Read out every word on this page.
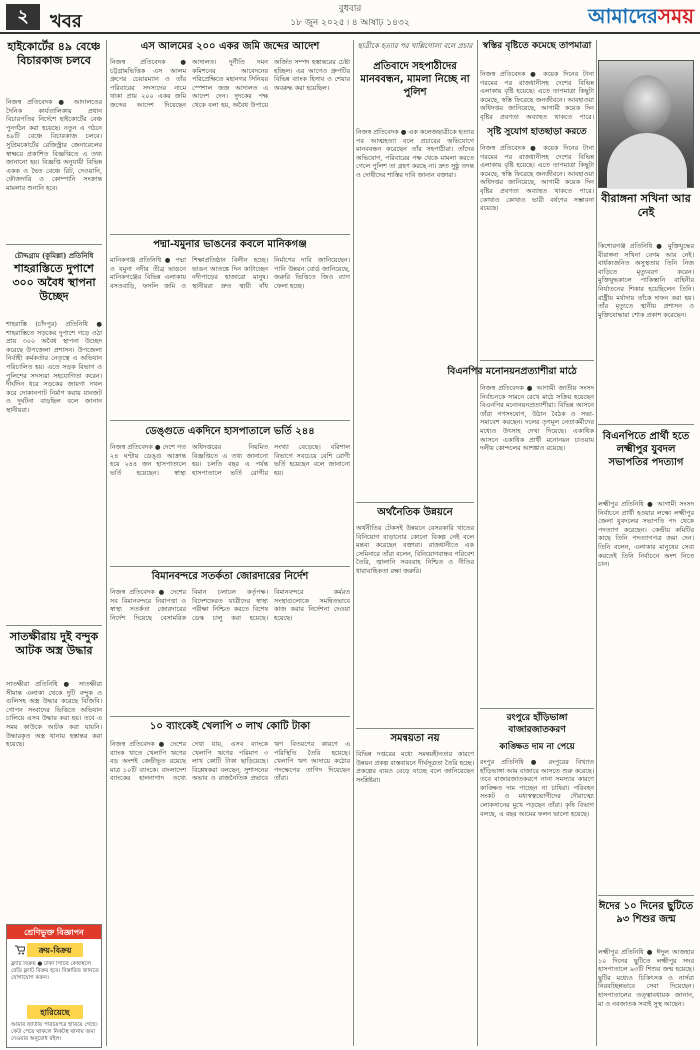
২	খবর
বুধবার
১৮ জুন ২০২৫ ৷ ৪ আষাঢ় ১৪৩২	আমাদেরসময়
হাইকোর্টের ৪৯ বেঞ্চে বিচারকাজ চলবে
নিজস্ব প্রতিবেদক ● আদালতের দৈনিক কার্যতালিকায় প্রধান বিচারপতির নির্দেশে হাইকোর্টের বেঞ্চ পুনর্গঠন করা হয়েছে। নতুন এ গঠনে ৪৯টি বেঞ্চে বিচারকাজ চলবে। সুপ্রিমকোর্টের রেজিস্ট্রার জেনারেলের স্বাক্ষরে প্রকাশিত বিজ্ঞপ্তিতে এ তথ্য জানানো হয়। বিজ্ঞপ্তি অনুযায়ী বিভিন্ন একক ও দ্বৈত বেঞ্চে রিট, দেওয়ানি, ফৌজদারি ও কোম্পানি সংক্রান্ত মামলার শুনানি হবে।
চৌদ্দগ্রাম (কুমিল্লা) প্রতিনিধি
শাহরাস্তিতে দুপাশে ৩০০ অবৈধ স্থাপনা উচ্ছেদ
শাহরাস্তি (চাঁদপুর) প্রতিনিধি ● শাহরাস্তিতে সড়কের দুপাশে গড়ে ওঠা প্রায় ৩০০ অবৈধ স্থাপনা উচ্ছেদ করেছে উপজেলা প্রশাসন। উপজেলা নির্বাহী কর্মকর্তার নেতৃত্বে এ অভিযান পরিচালিত হয়। এতে সড়ক বিভাগ ও পুলিশের সদস্যরা সহযোগিতা করেন। দীর্ঘদিন ধরে সড়কের জায়গা দখল করে দোকানপাট নির্মাণ করায় যানজট ও দুর্ঘটনা বাড়ছিল বলে জানান স্থানীয়রা।
সাতক্ষীরায় দুই বন্দুক আটক অস্ত্র উদ্ধার
সাতক্ষীরা প্রতিনিধি ● সাতক্ষীরা সীমান্ত এলাকা থেকে দুটি বন্দুক ও গুলিসহ অস্ত্র উদ্ধার করেছে বিজিবি। গোপন সংবাদের ভিত্তিতে অভিযান চালিয়ে এসব উদ্ধার করা হয়। তবে এ সময় কাউকে আটক করা যায়নি। উদ্ধারকৃত অস্ত্র থানায় হস্তান্তর করা হয়েছে।
শ্রেণিভুক্ত বিজ্ঞাপন
ক্রয়-বিক্রয়
ফ্ল্যাট বিক্রয় ● ঢাকা সিটির কেন্দ্রস্থলে রেডি ফ্ল্যাট বিক্রয় হবে। বিস্তারিত জানতে যোগাযোগ করুন।
হারিয়েছে
আমার জাতীয় পরিচয়পত্র হারিয়ে গেছে। কেউ পেয়ে থাকলে নিকটস্থ থানায় জমা দেওয়ার অনুরোধ রইল।
এস আলমের ২০০ একর জমি জব্দের আদেশ
নিজস্ব প্রতিবেদক ● চট্টগ্রামভিত্তিক এস আলম গ্রুপের চেয়ারম্যান ও তাঁর পরিবারের সদস্যদের নামে থাকা প্রায় ২০০ একর জমি জব্দের আদেশ দিয়েছেন আদালত। দুর্নীতি দমন কমিশনের আবেদনের পরিপ্রেক্ষিতে মহানগর সিনিয়র স্পেশাল জজ আদালত এ আদেশ দেন। দুদকের পক্ষ থেকে বলা হয়, অবৈধ উপায়ে অর্জিত সম্পদ হস্তান্তরের চেষ্টা হচ্ছিল। এর আগেও গ্রুপটির বিভিন্ন ব্যাংক হিসাব ও শেয়ার অবরুদ্ধ করা হয়েছিল।
পদ্মা-যমুনার ভাঙনের কবলে মানিকগঞ্জ
মানিকগঞ্জ প্রতিনিধি ● পদ্মা ও যমুনা নদীর তীব্র ভাঙনে মানিকগঞ্জের বিভিন্ন এলাকায় বসতবাড়ি, ফসলি জমি ও শিক্ষাপ্রতিষ্ঠান বিলীন হচ্ছে। ভাঙন আতঙ্কে দিন কাটাচ্ছেন নদীপাড়ের হাজারো মানুষ। স্থানীয়রা দ্রুত স্থায়ী বাঁধ নির্মাণের দাবি জানিয়েছেন। পানি উন্নয়ন বোর্ড জানিয়েছে, জরুরি ভিত্তিতে জিও ব্যাগ ফেলা হচ্ছে।
ডেঙ্গুতে একদিনে হাসপাতালে ভর্তি ২৪৪
নিজস্ব প্রতিবেদক ● দেশে গত ২৪ ঘণ্টায় ডেঙ্গু আক্রান্ত হয়ে ২৪৪ জন হাসপাতালে ভর্তি হয়েছেন। স্বাস্থ্য অধিদপ্তরের নিয়মিত বিজ্ঞপ্তিতে এ তথ্য জানানো হয়। চলতি বছর এ পর্যন্ত হাসপাতালে ভর্তি রোগীর সংখ্যা বেড়েছে। বরিশাল বিভাগে সবচেয়ে বেশি রোগী ভর্তি হয়েছেন বলে জানানো হয়।
বিমানবন্দরে সতর্কতা জোরদারের নির্দেশ
নিজস্ব প্রতিবেদক ● দেশের সব বিমানবন্দরে নিরাপত্তা ও স্বাস্থ্য সতর্কতা জোরদারের নির্দেশ দিয়েছে বেসামরিক বিমান চলাচল কর্তৃপক্ষ। বিদেশফেরত যাত্রীদের স্বাস্থ্য পরীক্ষা নিশ্চিত করতে বিশেষ ডেস্ক চালু করা হয়েছে। বিমানবন্দরে কর্মরত সংস্থাগুলোকে সমন্বিতভাবে কাজ করার নির্দেশনা দেওয়া হয়েছে।
১০ ব্যাংকেই খেলাপি ৩ লাখ কোটি টাকা
নিজস্ব প্রতিবেদক ● দেশের ব্যাংক খাতে খেলাপি ঋণের বড় অংশই কেন্দ্রীভূত রয়েছে মাত্র ১০টি ব্যাংকে। বাংলাদেশ ব্যাংকের হালনাগাদ তথ্যে দেখা যায়, এসব ব্যাংকে খেলাপি ঋণের পরিমাণ ৩ লাখ কোটি টাকা ছাড়িয়েছে। বিশ্লেষকরা বলছেন, সুশাসনের অভাব ও রাজনৈতিক প্রভাবে ঋণ বিতরণের কারণে এ পরিস্থিতি তৈরি হয়েছে। খেলাপি ঋণ আদায়ে কঠোর পদক্ষেপের তাগিদ দিয়েছেন তাঁরা।
ছাত্রীকে হত্যার পর খাল্লিগোলা বলে প্রচার
প্রতিবাদে সহপাঠীদের মানববন্ধন, মামলা নিচ্ছে না পুলিশ
নিজস্ব প্রতিবেদক ● এক কলেজছাত্রীকে হত্যার পর আত্মহত্যা বলে প্রচারের অভিযোগে মানববন্ধন করেছেন তাঁর সহপাঠীরা। তাঁদের অভিযোগ, পরিবারের পক্ষ থেকে মামলা করতে গেলে পুলিশ তা গ্রহণ করছে না। দ্রুত সুষ্ঠু তদন্ত ও দোষীদের শাস্তির দাবি জানান বক্তারা।
অর্থনৈতিক উন্নয়নে
অর্থনীতির টেকসই উন্নয়নে বেসরকারি খাতের বিনিয়োগ বাড়ানোর কোনো বিকল্প নেই বলে মন্তব্য করেছেন বক্তারা। রাজধানীতে এক সেমিনারে তাঁরা বলেন, বিনিয়োগবান্ধব পরিবেশ তৈরি, জ্বালানি সরবরাহ নিশ্চিত ও নীতির ধারাবাহিকতা রক্ষা জরুরি।
সমন্বয়তা নয়
বিভিন্ন দপ্তরের মধ্যে সমন্বয়হীনতার কারণে উন্নয়ন প্রকল্প বাস্তবায়নে দীর্ঘসূত্রতা তৈরি হচ্ছে। প্রকল্পের ব্যয়ও বেড়ে যাচ্ছে বলে জানিয়েছেন সংশ্লিষ্টরা।
স্বস্তির বৃষ্টিতে কমেছে তাপমাত্রা
নিজস্ব প্রতিবেদক ● কয়েক দিনের টানা গরমের পর রাজধানীসহ দেশের বিভিন্ন এলাকায় বৃষ্টি হয়েছে। এতে তাপমাত্রা কিছুটা কমেছে, স্বস্তি ফিরেছে জনজীবনে। আবহাওয়া অধিদপ্তর জানিয়েছে, আগামী কয়েক দিন বৃষ্টির প্রবণতা অব্যাহত থাকতে পারে।
সৃষ্টি সুযোগ হাতছাড়া করতে
নিজস্ব প্রতিবেদক ● কয়েক দিনের টানা গরমের পর রাজধানীসহ দেশের বিভিন্ন এলাকায় বৃষ্টি হয়েছে। এতে তাপমাত্রা কিছুটা কমেছে, স্বস্তি ফিরেছে জনজীবনে। আবহাওয়া অধিদপ্তর জানিয়েছে, আগামী কয়েক দিন বৃষ্টির প্রবণতা অব্যাহত থাকতে পারে। কোথাও কোথাও ভারী বর্ষণের সম্ভাবনা রয়েছে।
বিএনপির মনোনয়নপ্রত্যাশীরা মাঠে
নিজস্ব প্রতিবেদক ● আগামী জাতীয় সংসদ নির্বাচনকে সামনে রেখে মাঠে সক্রিয় হয়েছেন বিএনপির মনোনয়নপ্রত্যাশীরা। বিভিন্ন আসনে তাঁরা গণসংযোগ, উঠান বৈঠক ও সভা-সমাবেশ করছেন। দলের তৃণমূল নেতাকর্মীদের মধ্যেও উৎসাহ দেখা দিয়েছে। একাধিক আসনে একাধিক প্রার্থী মনোনয়ন চাওয়ায় দলীয় কোন্দলের আশঙ্কাও রয়েছে।
রংপুরে হাঁড়িভাঙ্গা বাজারজাতকরণ
কাঙ্ক্ষিত দাম না পেয়ে
রংপুর প্রতিনিধি ● রংপুরের বিখ্যাত হাঁড়িভাঙ্গা আম বাজারে আসতে শুরু করেছে। তবে বাজারজাতকরণে নানা সমস্যার কারণে কাঙ্ক্ষিত দাম পাচ্ছেন না চাষিরা। পরিবহন সংকট ও মধ্যস্বত্বভোগীদের দৌরাত্ম্যে লোকসানের মুখে পড়ছেন তাঁরা। কৃষি বিভাগ বলছে, এ বছর আমের ফলন ভালো হয়েছে।
বীরাঙ্গনা সখিনা আর নেই
কিশোরগঞ্জ প্রতিনিধি ● মুক্তিযুদ্ধের বীরাঙ্গনা সখিনা বেগম আর নেই। বার্ধক্যজনিত অসুস্থতায় তিনি নিজ বাড়িতে মৃত্যুবরণ করেন। মুক্তিযুদ্ধকালে পাকিস্তানি বাহিনীর নির্যাতনের শিকার হয়েছিলেন তিনি। রাষ্ট্রীয় মর্যাদায় তাঁকে দাফন করা হয়। তাঁর মৃত্যুতে স্থানীয় প্রশাসন ও মুক্তিযোদ্ধারা শোক প্রকাশ করেছেন।
বিএনপিতে প্রার্থী হতে লক্ষ্মীপুর যুবদল সভাপতির পদত্যাগ
লক্ষ্মীপুর প্রতিনিধি ● আগামী সংসদ নির্বাচনে প্রার্থী হওয়ার লক্ষ্যে লক্ষ্মীপুর জেলা যুবদলের সভাপতি পদ থেকে পদত্যাগ করেছেন। কেন্দ্রীয় কমিটির কাছে তিনি পদত্যাগপত্র জমা দেন। তিনি বলেন, এলাকার মানুষের সেবা করতেই তিনি নির্বাচনে অংশ নিতে চান।
ঈদের ১০ দিনের ছুটিতে ৯৩ শিশুর জন্ম
লক্ষ্মীপুর প্রতিনিধি ● ঈদুল আজহার ১০ দিনের ছুটিতে লক্ষ্মীপুর সদর হাসপাতালে ৯৩টি শিশুর জন্ম হয়েছে। ছুটির মধ্যেও চিকিৎসক ও নার্সরা নিরবচ্ছিন্নভাবে সেবা দিয়েছেন। হাসপাতালের তত্ত্বাবধায়ক জানান, মা ও নবজাতক সবাই সুস্থ আছেন।
